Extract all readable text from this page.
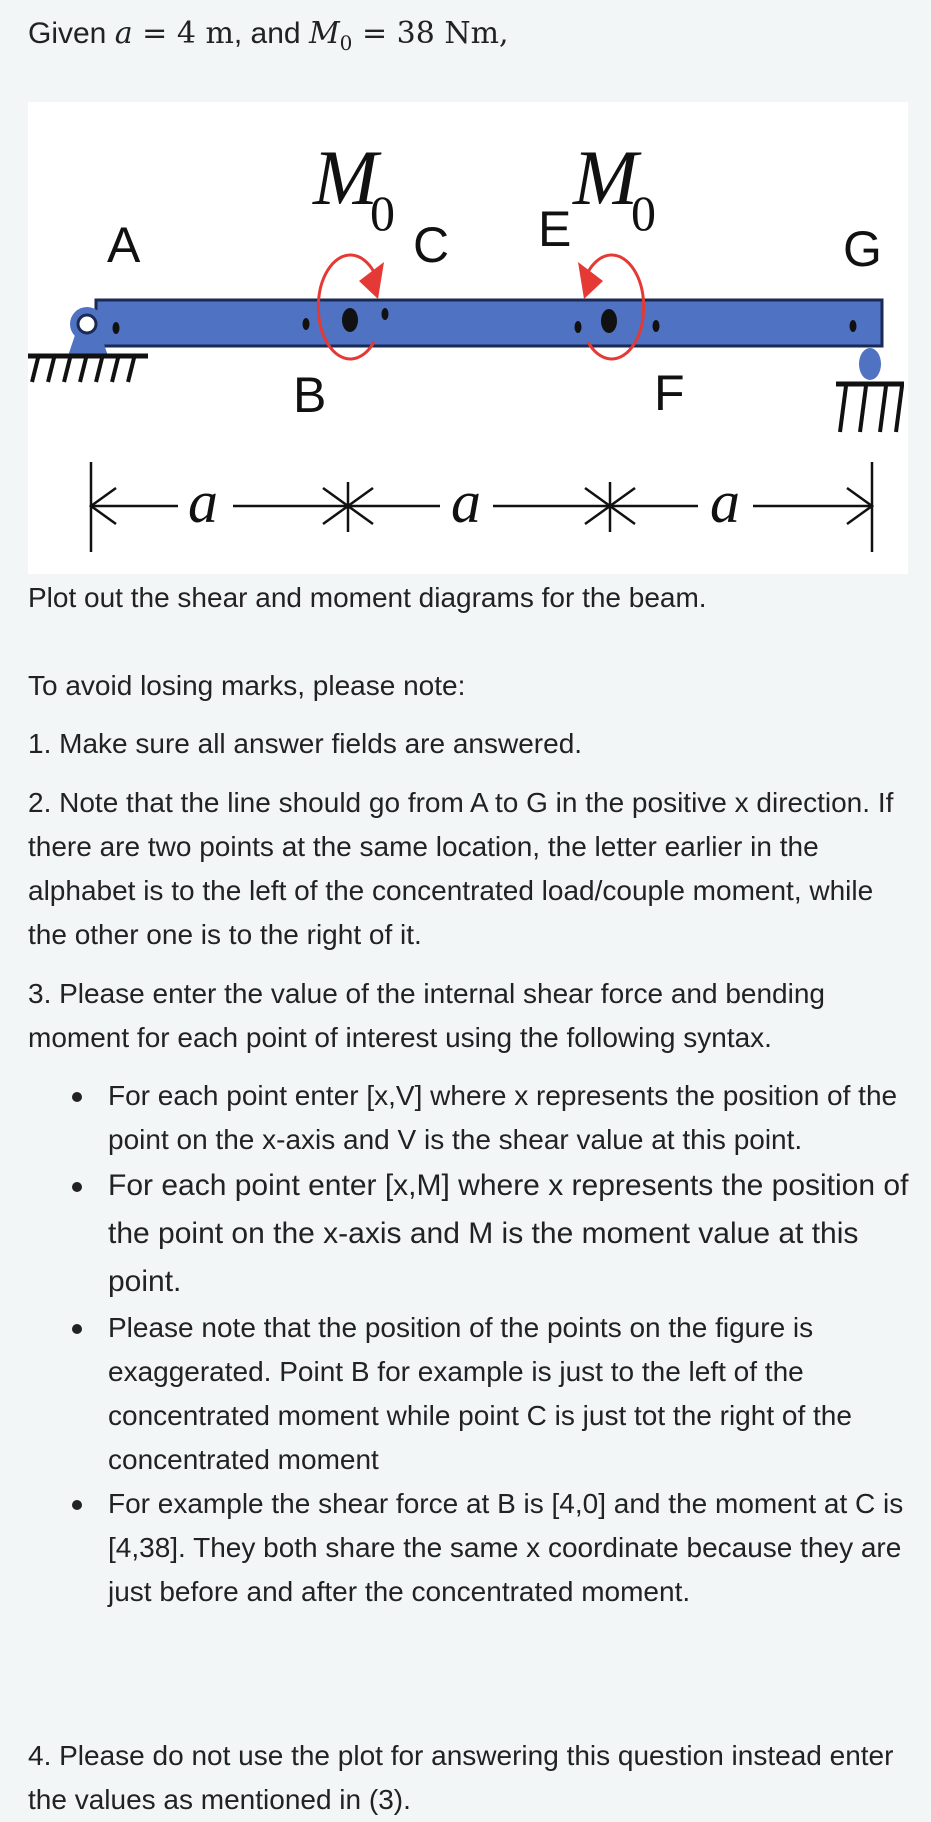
Given a = 4 m, and $M_0 = 38$ Nm,
M
0 M
0
A
B
C E
F
G
a	a	a
Plot out the shear and moment diagrams for the beam.
To avoid losing marks, please note:
1. Make sure all answer fields are answered.
2. Note that the line should go from A to G in the positive x direction. If there are two points at the same location, the letter earlier in the alphabet is to the left of the concentrated load/couple moment, while the other one is to the right of it.
3. Please enter the value of the internal shear force and bending moment for each point of interest using the following syntax.
For each point enter [x,V] where x represents the position of the point on the x-axis and V is the shear value at this point.
For each point enter [x,M] where x represents the position of the point on the x-axis and M is the moment value at this point.
Please note that the position of the points on the figure is exaggerated. Point B for example is just to the left of the concentrated moment while point C is just tot the right of the concentrated moment
For example the shear force at B is [4,0] and the moment at C is [4,38]. They both share the same x coordinate because they are just before and after the concentrated moment.
4. Please do not use the plot for answering this question instead enter the values as mentioned in (3).
